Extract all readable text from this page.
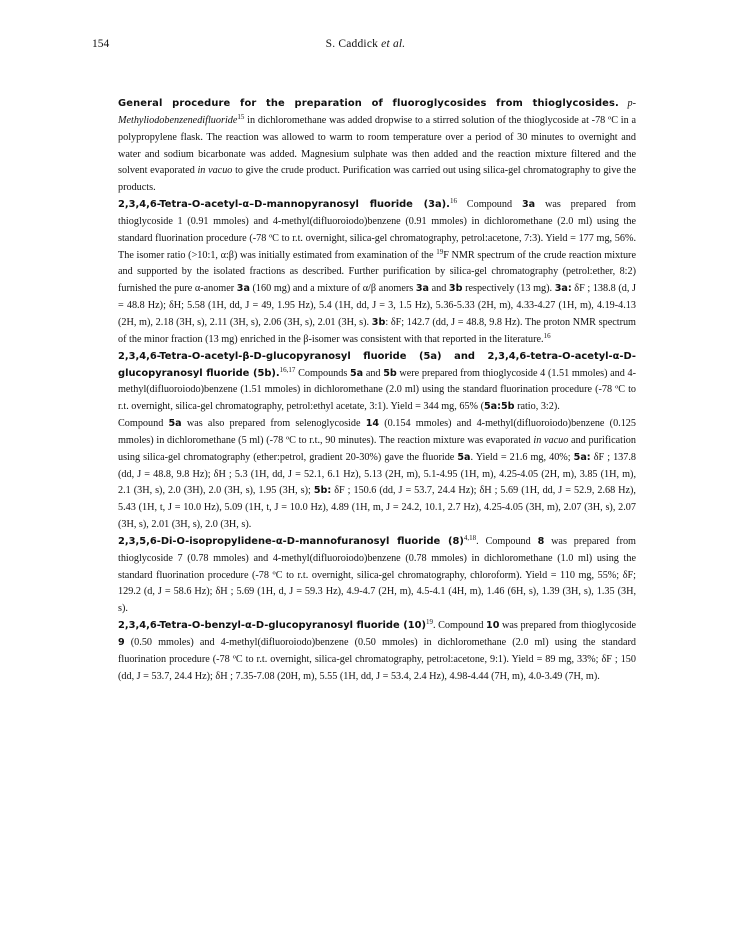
154	S. Caddick et al.

General procedure for the preparation of fluoroglycosides from thioglycosides. p-Methyliodobenzenedifluoride$^{15}$ in dichloromethane was added dropwise to a stirred solution of the thioglycoside at -78 ºC in a polypropylene flask. The reaction was allowed to warm to room temperature over a period of 30 minutes to overnight and water and sodium bicarbonate was added. Magnesium sulphate was then added and the reaction mixture filtered and the solvent evaporated in vacuo to give the crude product. Purification was carried out using silica-gel chromatography to give the products.

2,3,4,6-Tetra-O-acetyl-α–D-mannopyranosyl fluoride (3a).$^{16}$ Compound 3a was prepared from thioglycoside 1 (0.91 mmoles) and 4-methyl(difluoroiodo)benzene (0.91 mmoles) in dichloromethane (2.0 ml) using the standard fluorination procedure (-78 ºC to r.t. overnight, silica-gel chromatography, petrol:acetone, 7:3). Yield = 177 mg, 56%. The isomer ratio (>10:1, α:β) was initially estimated from examination of the $^{19}$F NMR spectrum of the crude reaction mixture and supported by the isolated fractions as described. Further purification by silica-gel chromatography (petrol:ether, 8:2) furnished the pure α-anomer 3a (160 mg) and a mixture of α/β anomers 3a and 3b respectively (13 mg). 3a: δF ; 138.8 (d, J = 48.8 Hz); δH; 5.58 (1H, dd, J = 49, 1.95 Hz), 5.4 (1H, dd, J = 3, 1.5 Hz), 5.36-5.33 (2H, m), 4.33-4.27 (1H, m), 4.19-4.13 (2H, m), 2.18 (3H, s), 2.11 (3H, s), 2.06 (3H, s), 2.01 (3H, s). 3b: δF; 142.7 (dd, J = 48.8, 9.8 Hz). The proton NMR spectrum of the minor fraction (13 mg) enriched in the β-isomer was consistent with that reported in the literature.$^{16}$

2,3,4,6-Tetra-O-acetyl-β-D-glucopyranosyl fluoride (5a) and 2,3,4,6-tetra-O-acetyl-α-D-glucopyranosyl fluoride (5b).$^{16,17}$ Compounds 5a and 5b were prepared from thioglycoside 4 (1.51 mmoles) and 4-methyl(difluoroiodo)benzene (1.51 mmoles) in dichloromethane (2.0 ml) using the standard fluorination procedure (-78 ºC to r.t. overnight, silica-gel chromatography, petrol:ethyl acetate, 3:1). Yield = 344 mg, 65% (5a:5b ratio, 3:2).

Compound 5a was also prepared from selenoglycoside 14 (0.154 mmoles) and 4-methyl(difluoroiodo)benzene (0.125 mmoles) in dichloromethane (5 ml) (-78 ºC to r.t., 90 minutes). The reaction mixture was evaporated in vacuo and purification using silica-gel chromatography (ether:petrol, gradient 20-30%) gave the fluoride 5a. Yield = 21.6 mg, 40%; 5a: δF ; 137.8 (dd, J = 48.8, 9.8 Hz); δH ; 5.3 (1H, dd, J = 52.1, 6.1 Hz), 5.13 (2H, m), 5.1-4.95 (1H, m), 4.25-4.05 (2H, m), 3.85 (1H, m), 2.1 (3H, s), 2.0 (3H), 2.0 (3H, s), 1.95 (3H, s); 5b: δF ; 150.6 (dd, J = 53.7, 24.4 Hz); δH ; 5.69 (1H, dd, J = 52.9, 2.68 Hz), 5.43 (1H, t, J = 10.0 Hz), 5.09 (1H, t, J = 10.0 Hz), 4.89 (1H, m, J = 24.2, 10.1, 2.7 Hz), 4.25-4.05 (3H, m), 2.07 (3H, s), 2.07 (3H, s), 2.01 (3H, s), 2.0 (3H, s).

2,3,5,6-Di-O-isopropylidene-α-D-mannofuranosyl fluoride $(8)^{4,18}$. Compound 8 was prepared from thioglycoside 7 (0.78 mmoles) and 4-methyl(difluoroiodo)benzene (0.78 mmoles) in dichloromethane (1.0 ml) using the standard fluorination procedure (-78 ºC to r.t. overnight, silica-gel chromatography, chloroform). Yield = 110 mg, 55%; δF; 129.2 (d, J = 58.6 Hz); δH ; 5.69 (1H, d, J = 59.3 Hz), 4.9-4.7 (2H, m), 4.5-4.1 (4H, m), 1.46 (6H, s), 1.39 (3H, s), 1.35 (3H, s).

2,3,4,6-Tetra-O-benzyl-α-D-glucopyranosyl fluoride $(10)^{19}$. Compound 10 was prepared from thioglycoside 9 (0.50 mmoles) and 4-methyl(difluoroiodo)benzene (0.50 mmoles) in dichloromethane (2.0 ml) using the standard fluorination procedure (-78 ºC to r.t. overnight, silica-gel chromatography, petrol:acetone, 9:1). Yield = 89 mg, 33%; δF ; 150 (dd, J = 53.7, 24.4 Hz); δH ; 7.35-7.08 (20H, m), 5.55 (1H, dd, J = 53.4, 2.4 Hz), 4.98-4.44 (7H, m), 4.0-3.49 (7H, m).
